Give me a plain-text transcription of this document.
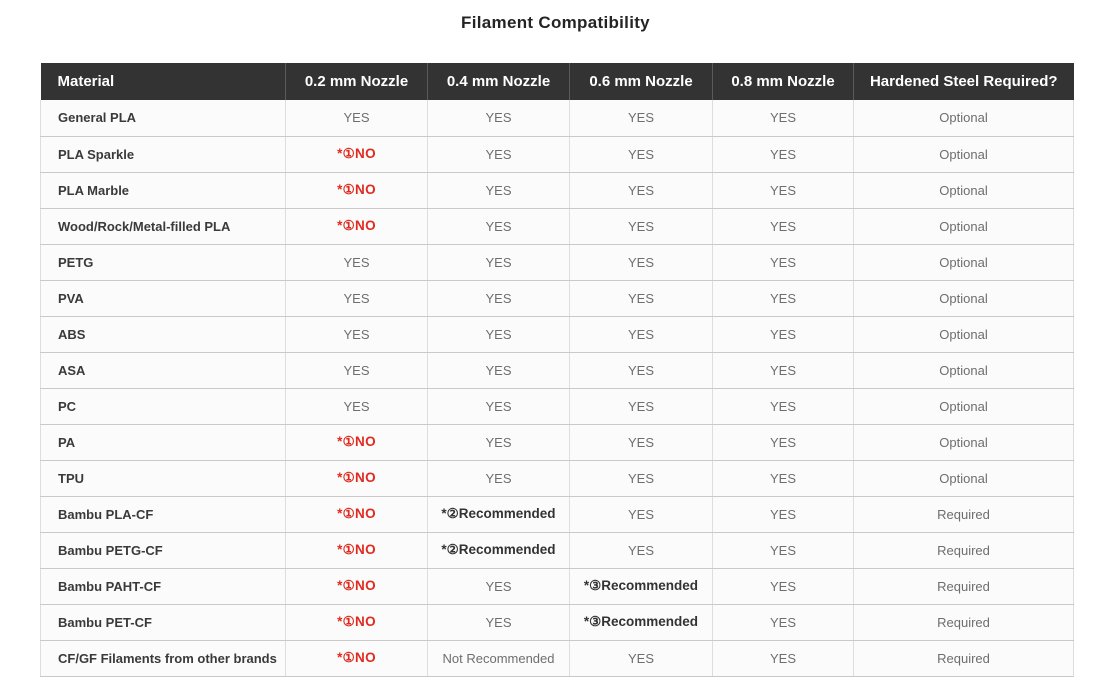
Filament Compatibility
Material	0.2 mm Nozzle	0.4 mm Nozzle	0.6 mm Nozzle	0.8 mm Nozzle	Hardened Steel Required?
General PLA	YES	YES	YES	YES	Optional
PLA Sparkle	*①NO	YES	YES	YES	Optional
PLA Marble	*①NO	YES	YES	YES	Optional
Wood/Rock/Metal-filled PLA	*①NO	YES	YES	YES	Optional
PETG	YES	YES	YES	YES	Optional
PVA	YES	YES	YES	YES	Optional
ABS	YES	YES	YES	YES	Optional
ASA	YES	YES	YES	YES	Optional
PC	YES	YES	YES	YES	Optional
PA	*①NO	YES	YES	YES	Optional
TPU	*①NO	YES	YES	YES	Optional
Bambu PLA-CF	*①NO	*②Recommended	YES	YES	Required
Bambu PETG-CF	*①NO	*②Recommended	YES	YES	Required
Bambu PAHT-CF	*①NO	YES	*③Recommended	YES	Required
Bambu PET-CF	*①NO	YES	*③Recommended	YES	Required
CF/GF Filaments from other brands	*①NO	Not Recommended	YES	YES	Required
